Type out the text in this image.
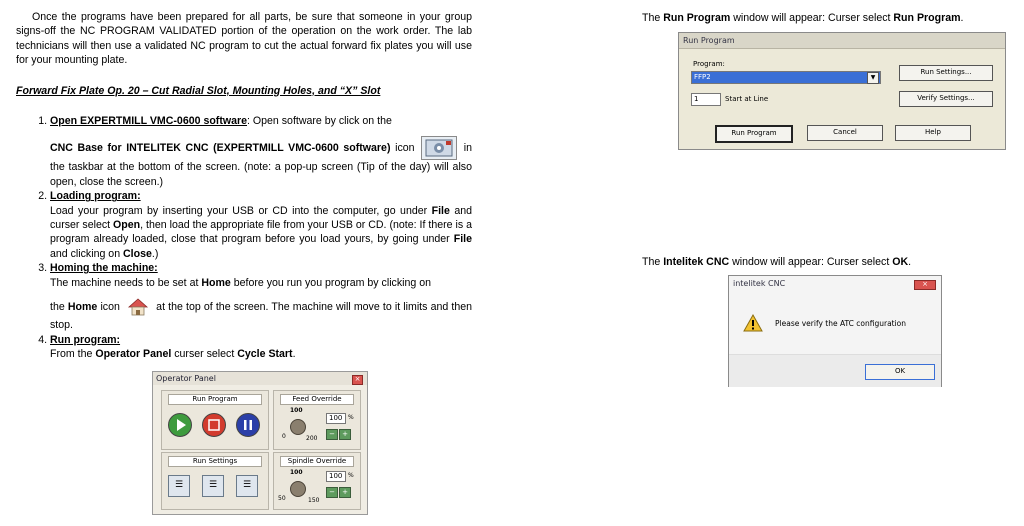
Once the programs have been prepared for all parts, be sure that someone in your group signs-off the NC PROGRAM VALIDATED portion of the operation on the work order. The lab technicians will then use a validated NC program to cut the actual forward fix plates you will use for your mounting plate.

Forward Fix Plate Op. 20 – Cut Radial Slot, Mounting Holes, and “X” Slot

1. Open EXPERTMILL VMC-0600 software: Open software by click on the
CNC Base for INTELITEK CNC (EXPERTMILL VMC-0600 software) icon	in the taskbar at the bottom of the screen. (note: a pop-up screen (Tip of the day) will also open, close the screen.)
2. Loading program:
Load your program by inserting your USB or CD into the computer, go under File and curser select Open, then load the appropriate file from your USB or CD. (note: If there is a program already loaded, close that program before you load yours, by going under File and clicking on Close.)
3. Homing the machine:
The machine needs to be set at Home before you run you program by clicking on
the Home icon	at the top of the screen. The machine will move to it limits and then stop.
4. Run program:
From the Operator Panel curser select Cycle Start.
Operator Panel	×
Run Program	Feed Override
100
0	200
100 %
−	+
Run Settings
☰	☰	☰
Spindle Override
100
50	150
100 %
−	+
The Run Program window will appear: Curser select Run Program.
Run Program
Program:
FFP2	▼
1	Start at Line
Run Settings...
Verify Settings...
Run Program	Cancel	Help
The Intelitek CNC window will appear: Curser select OK.
intelitek CNC	×
Please verify the ATC configuration
OK
